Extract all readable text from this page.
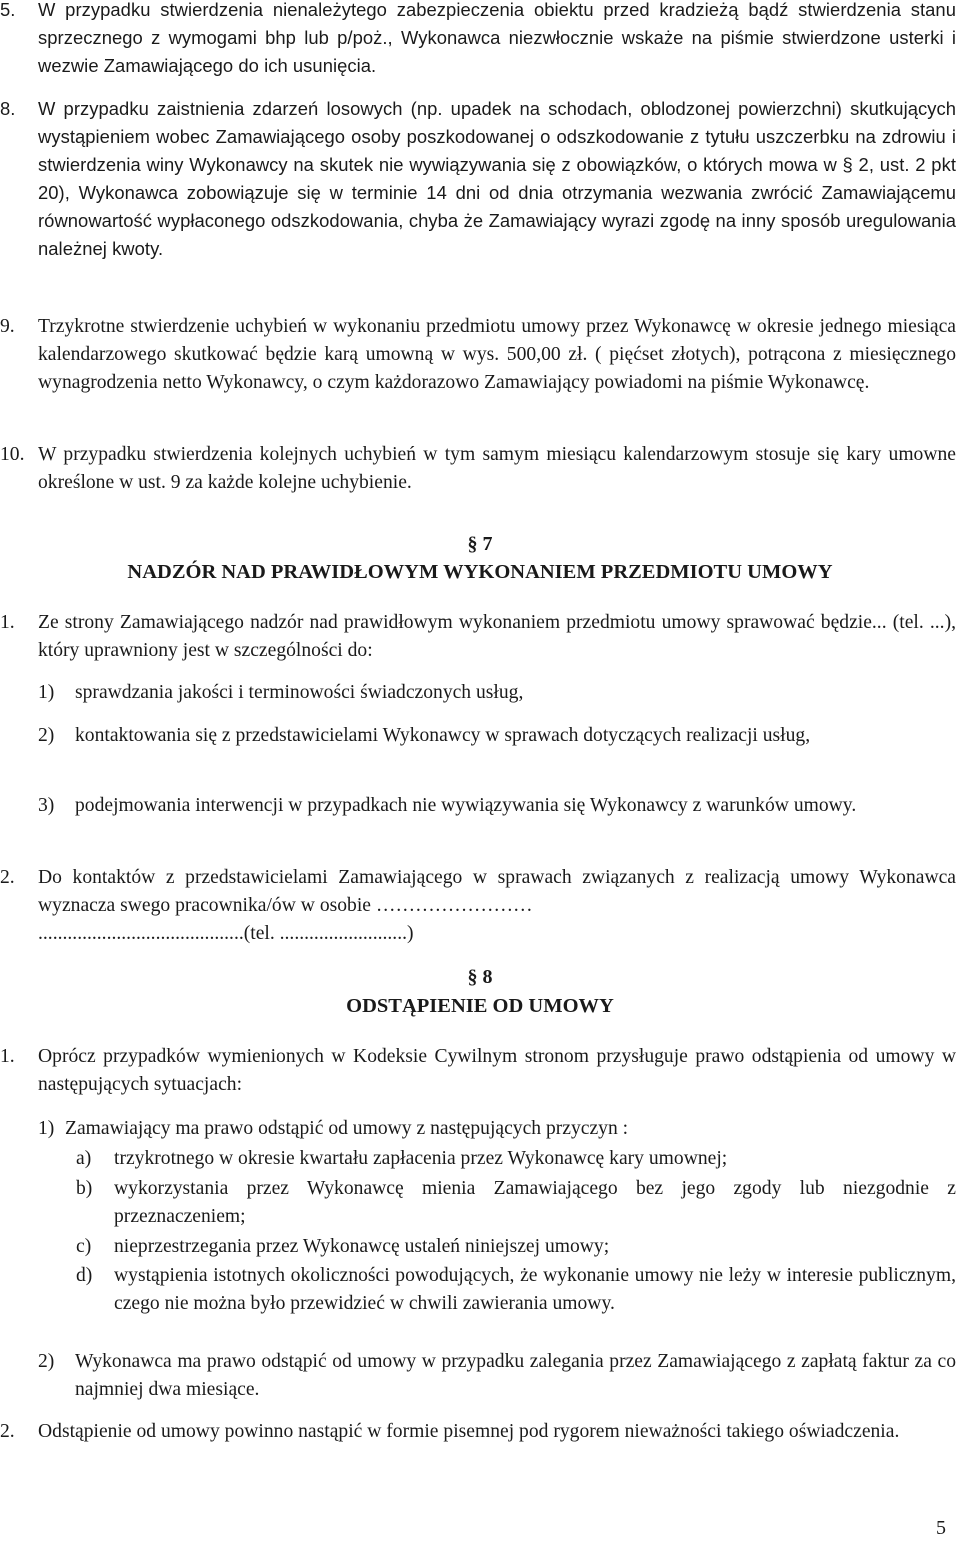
5. W przypadku stwierdzenia nienależytego zabezpieczenia obiektu przed kradzieżą bądź stwierdzenia stanu sprzecznego z wymogami bhp lub p/poż., Wykonawca niezwłocznie wskaże na piśmie stwierdzone usterki i wezwie Zamawiającego do ich usunięcia.
8. W przypadku zaistnienia zdarzeń losowych (np. upadek na schodach, oblodzonej powierzchni) skutkujących wystąpieniem wobec Zamawiającego osoby poszkodowanej o odszkodowanie z tytułu uszczerbku na zdrowiu i stwierdzenia winy Wykonawcy na skutek nie wywiązywania się z obowiązków, o których mowa w § 2, ust. 2 pkt 20), Wykonawca zobowiązuje się w terminie 14 dni od dnia otrzymania wezwania zwrócić Zamawiającemu równowartość wypłaconego odszkodowania, chyba że Zamawiający wyrazi zgodę na inny sposób uregulowania należnej kwoty.
9. Trzykrotne stwierdzenie uchybień w wykonaniu przedmiotu umowy przez Wykonawcę w okresie jednego miesiąca kalendarzowego skutkować będzie karą umowną w wys. 500,00 zł. ( pięćset złotych), potrącona z miesięcznego wynagrodzenia netto Wykonawcy, o czym każdorazowo Zamawiający powiadomi na piśmie Wykonawcę.
10. W przypadku stwierdzenia kolejnych uchybień w tym samym miesiącu kalendarzowym stosuje się kary umowne określone w ust. 9 za każde kolejne uchybienie.
§ 7
NADZÓR NAD PRAWIDŁOWYM WYKONANIEM PRZEDMIOTU UMOWY
1. Ze strony Zamawiającego nadzór nad prawidłowym wykonaniem przedmiotu umowy sprawować będzie... (tel. ...), który uprawniony jest w szczególności do:
1)	sprawdzania jakości i terminowości świadczonych usług,
2)	kontaktowania się z przedstawicielami Wykonawcy w sprawach dotyczących realizacji usług,
3)	podejmowania interwencji w przypadkach nie wywiązywania się Wykonawcy z warunków umowy.
2. Do kontaktów z przedstawicielami Zamawiającego w sprawach związanych z realizacją umowy Wykonawca wyznacza swego pracownika/ów w osobie ……………………
..........................................(tel. ..........................)
§ 8
ODSTĄPIENIE OD UMOWY
1. Oprócz przypadków wymienionych w Kodeksie Cywilnym stronom przysługuje prawo odstąpienia od umowy w następujących sytuacjach:
1) Zamawiający ma prawo odstąpić od umowy z następujących przyczyn :
a)	trzykrotnego w okresie kwartału zapłacenia przez Wykonawcę kary umownej;
b)	wykorzystania przez Wykonawcę mienia Zamawiającego bez jego zgody lub niezgodnie z przeznaczeniem;
c)	nieprzestrzegania przez Wykonawcę ustaleń niniejszej umowy;
d)	wystąpienia istotnych okoliczności powodujących, że wykonanie umowy nie leży w interesie publicznym, czego nie można było przewidzieć w chwili zawierania umowy.
2)	Wykonawca ma prawo odstąpić od umowy w przypadku zalegania przez Zamawiającego z zapłatą faktur za co najmniej dwa miesiące.
2. Odstąpienie od umowy powinno nastąpić w formie pisemnej pod rygorem nieważności takiego oświadczenia.
5
